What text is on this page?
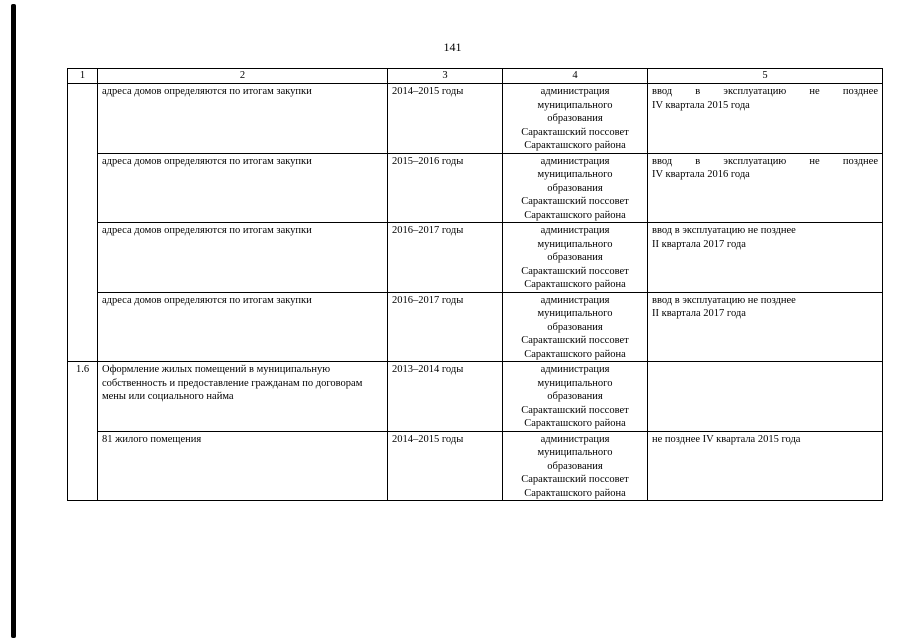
141
1	2	3	4	5
	адреса домов определяются по итогам закупки	2014–2015 годы	администрация
муниципального
образования
Саракташский поссовет
Саракташского района	ввод в эксплуатацию не позднее
IV квартала 2015 года

	адреса домов определяются по итогам закупки	2015–2016 годы	администрация
муниципального
образования
Саракташский поссовет
Саракташского района	ввод в эксплуатацию не позднее
IV квартала 2016 года

	адреса домов определяются по итогам закупки	2016–2017 годы	администрация
муниципального
образования
Саракташский поссовет
Саракташского района	ввод в эксплуатацию не позднее
II квартала 2017 года

	адреса домов определяются по итогам закупки	2016–2017 годы	администрация
муниципального
образования
Саракташский поссовет
Саракташского района	ввод в эксплуатацию не позднее
II квартала 2017 года

1.6	Оформление жилых помещений в муниципальную собственность и предоставление гражданам по договорам мены или социального найма	2013–2014 годы	администрация
муниципального
образования
Саракташский поссовет
Саракташского района	

	81 жилого помещения	2014–2015 годы	администрация
муниципального
образования
Саракташский поссовет
Саракташского района	не позднее IV квартала 2015 года
